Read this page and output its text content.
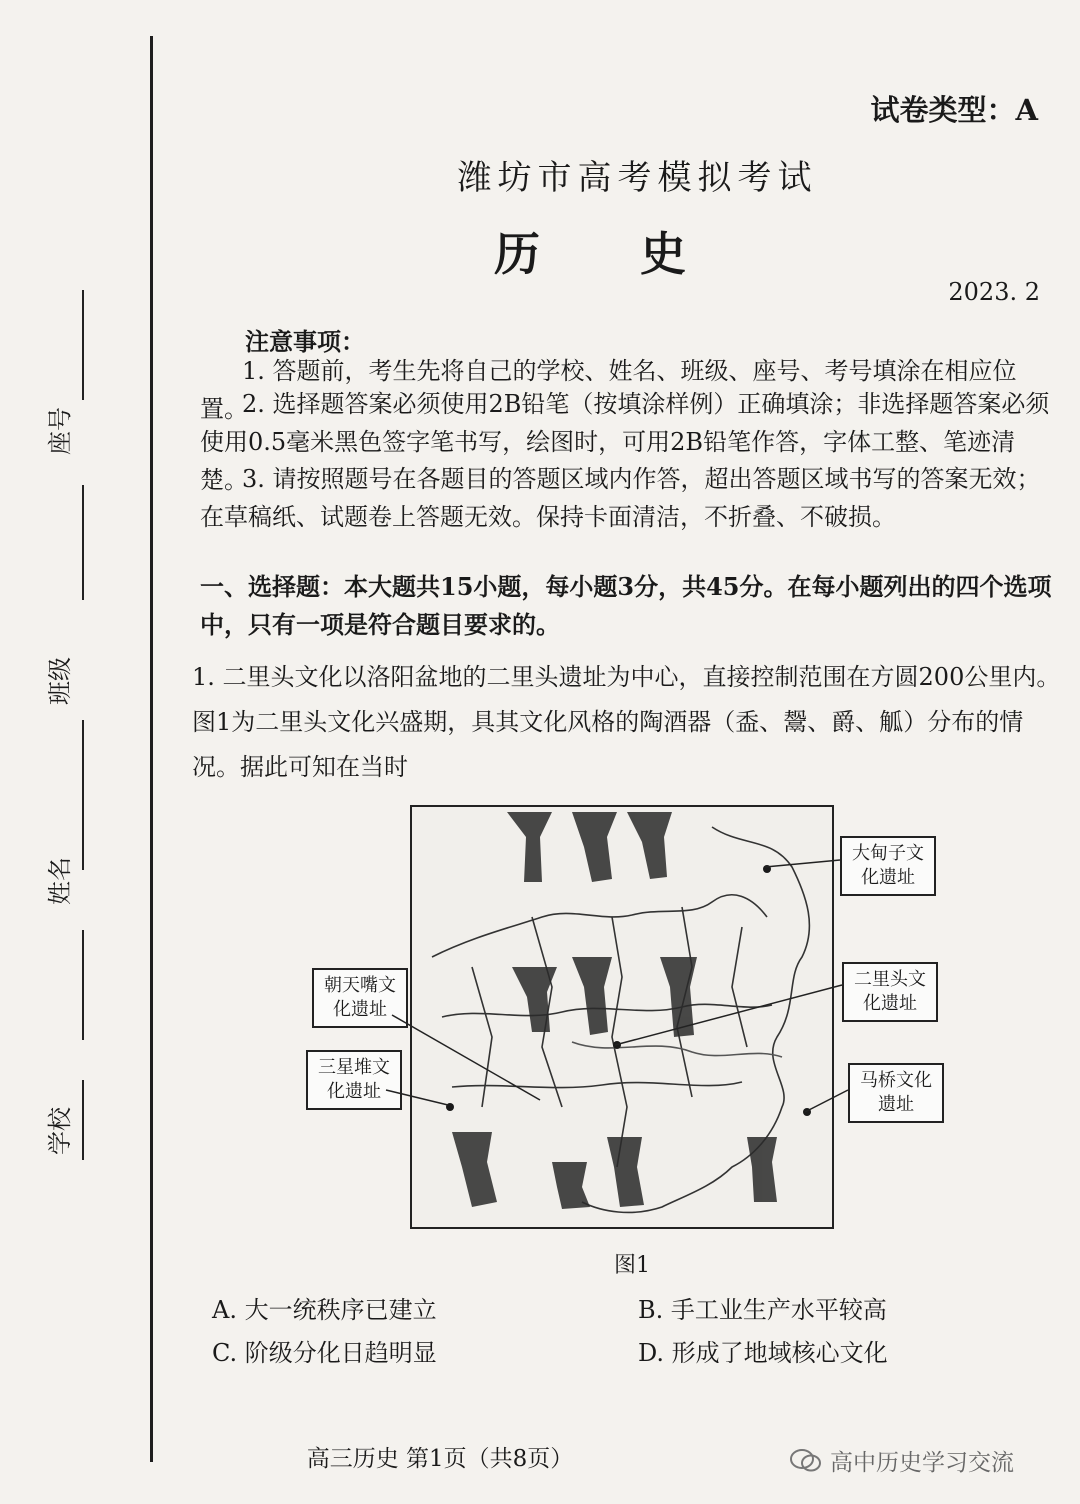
学校
姓名
班级
座号
试卷类型：A
潍坊市高考模拟考试
历史
2023. 2
注意事项：
1. 答题前，考生先将自己的学校、姓名、班级、座号、考号填涂在相应位置。
2. 选择题答案必须使用2B铅笔（按填涂样例）正确填涂；非选择题答案必须使用0.5毫米黑色签字笔书写，绘图时，可用2B铅笔作答，字体工整、笔迹清楚。
3. 请按照题号在各题目的答题区域内作答，超出答题区域书写的答案无效；在草稿纸、试题卷上答题无效。保持卡面清洁，不折叠、不破损。
一、选择题：本大题共15小题，每小题3分，共45分。在每小题列出的四个选项中，只有一项是符合题目要求的。
1. 二里头文化以洛阳盆地的二里头遗址为中心，直接控制范围在方圆200公里内。图1为二里头文化兴盛期，具其文化风格的陶酒器（盉、鬶、爵、觚）分布的情况。据此可知在当时
大甸子文化遗址
朝天嘴文化遗址
二里头文化遗址
三星堆文化遗址
马桥文化遗址
图1
A. 大一统秩序已建立	B. 手工业生产水平较高
C. 阶级分化日趋明显	D. 形成了地域核心文化
高三历史 第1页（共8页）	高中历史学习交流
